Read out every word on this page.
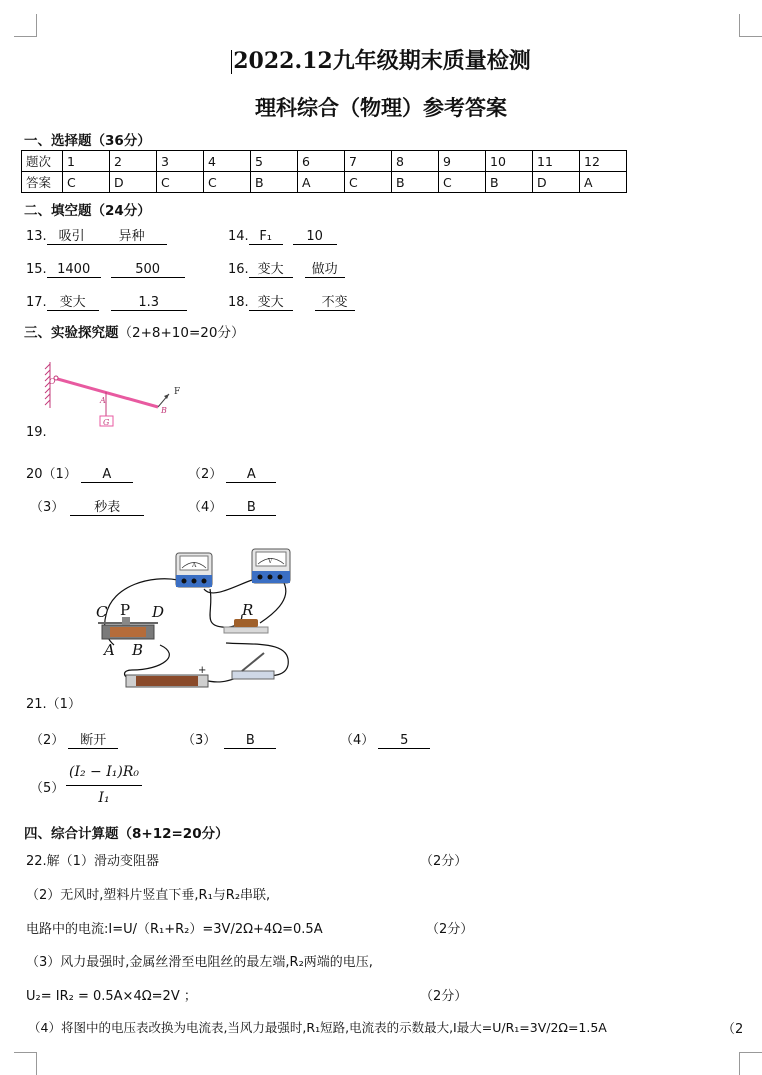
2022.12九年级期末质量检测
理科综合（物理）参考答案
一、选择题（36分）
题次	1	2	3	4	5	6	7	8	9	10	11	12
答案	C	D	C	C	B	A	C	B	C	B	D	A
二、填空题（24分）
13. 吸引	异种	14. F₁	10
15. 1400	500	16. 变大 做功
17. 变大	1.3	18. 变大	不变
三、实验探究题（2+8+10=20分）
O
A
B
F
G
19.
20（1） A	（2） A
（3） 秒表	（4） B
A
V
R
C P D
A B
-	+
21.（1）
（2） 断开	（3） B	（4） 5
（5）
(I₂ − I₁)R₀
I₁
四、综合计算题（8+12=20分）
22.解（1）滑动变阻器	（2分）
（2）无风时,塑料片竖直下垂,R₁与R₂串联,
电路中的电流:I=U/（R₁+R₂）=3V/2Ω+4Ω=0.5A	（2分）
（3）风力最强时,金属丝滑至电阻丝的最左端,R₂两端的电压,
U₂= IR₂ = 0.5A×4Ω=2V ；	（2分）
（4）将图中的电压表改换为电流表,当风力最强时,R₁短路,电流表的示数最大,I最大=U/R₁=3V/2Ω=1.5A	（2
